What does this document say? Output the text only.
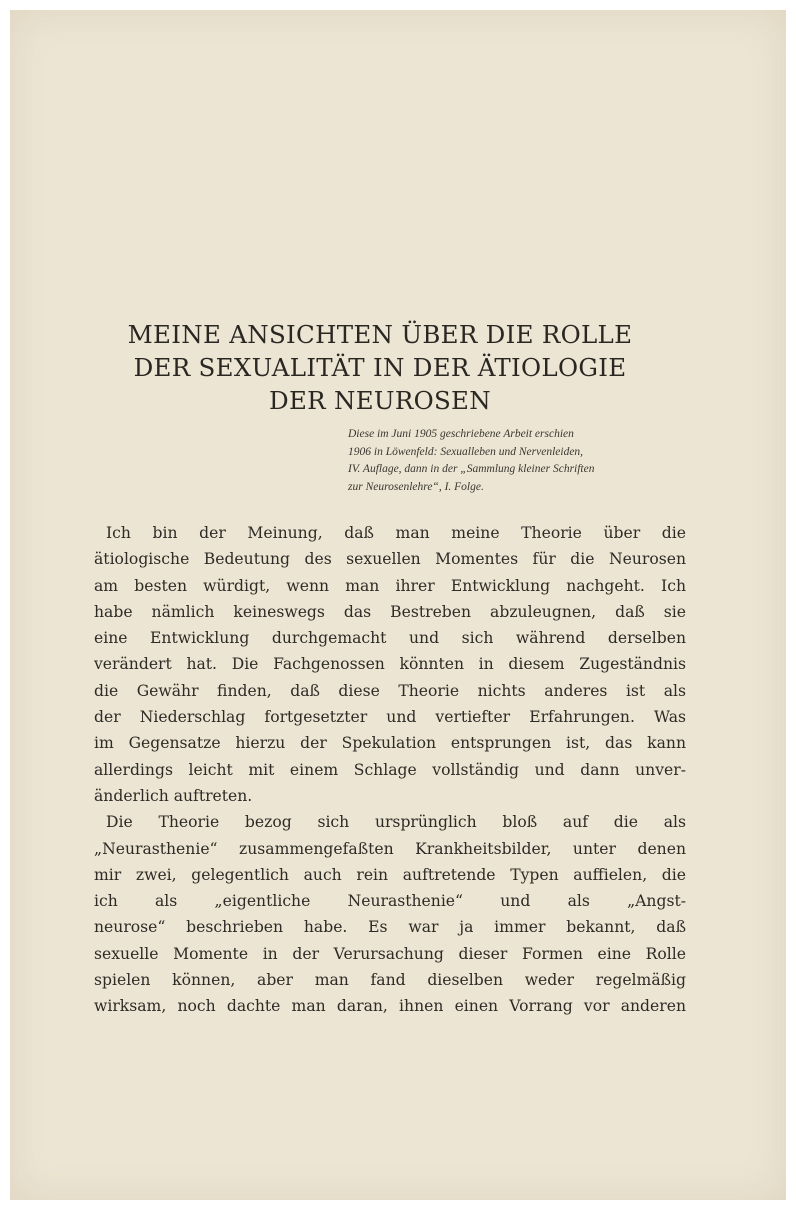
MEINE ANSICHTEN ÜBER DIE ROLLE
DER SEXUALITÄT IN DER ÄTIOLOGIE
DER NEUROSEN
Diese im Juni 1905 geschriebene Arbeit erschien
1906 in Löwenfeld: Sexualleben und Nervenleiden,
IV. Auflage, dann in der „Sammlung kleiner Schriften
zur Neurosenlehre“, I. Folge.
Ich bin der Meinung, daß man meine Theorie über die
ätiologische Bedeutung des sexuellen Momentes für die Neurosen
am besten würdigt, wenn man ihrer Entwicklung nachgeht. Ich
habe nämlich keineswegs das Bestreben abzuleugnen, daß sie
eine Entwicklung durchgemacht und sich während derselben
verändert hat. Die Fachgenossen könnten in diesem Zugeständnis
die Gewähr finden, daß diese Theorie nichts anderes ist als
der Niederschlag fortgesetzter und vertiefter Erfahrungen. Was
im Gegensatze hierzu der Spekulation entsprungen ist, das kann
allerdings leicht mit einem Schlage vollständig und dann unver-
änderlich auftreten.
Die Theorie bezog sich ursprünglich bloß auf die als
„Neurasthenie“ zusammengefaßten Krankheitsbilder, unter denen
mir zwei, gelegentlich auch rein auftretende Typen auffielen, die
ich als „eigentliche Neurasthenie“ und als „Angst-
neurose“ beschrieben habe. Es war ja immer bekannt, daß
sexuelle Momente in der Verursachung dieser Formen eine Rolle
spielen können, aber man fand dieselben weder regelmäßig
wirksam, noch dachte man daran, ihnen einen Vorrang vor anderen
